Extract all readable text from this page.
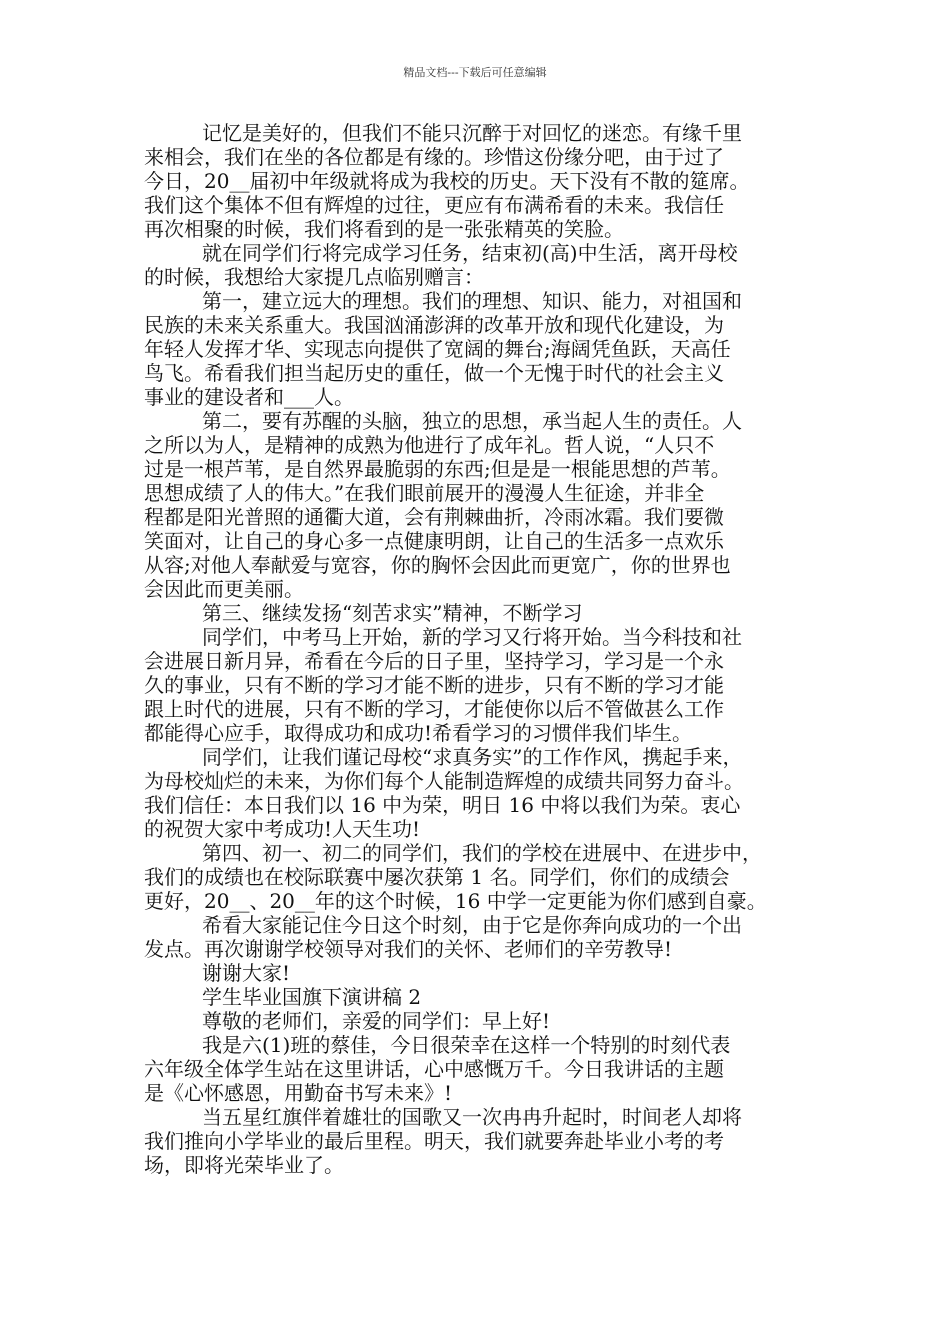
精品文档---下载后可任意编辑
记忆是美好的，但我们不能只沉醉于对回忆的迷恋。有缘千里
来相会，我们在坐的各位都是有缘的。珍惜这份缘分吧，由于过了
今日，20__届初中年级就将成为我校的历史。天下没有不散的筵席。
我们这个集体不但有辉煌的过往，更应有布满希看的未来。我信任
再次相聚的时候，我们将看到的是一张张精英的笑脸。
就在同学们行将完成学习任务，结束初(高)中生活，离开母校
的时候，我想给大家提几点临别赠言：
第一，建立远大的理想。我们的理想、知识、能力，对祖国和
民族的未来关系重大。我国汹涌澎湃的改革开放和现代化建设，为
年轻人发挥才华、实现志向提供了宽阔的舞台;海阔凭鱼跃，天高任
鸟飞。希看我们担当起历史的重任，做一个无愧于时代的社会主义
事业的建设者和___人。
第二，要有苏醒的头脑，独立的思想，承当起人生的责任。人
之所以为人，是精神的成熟为他进行了成年礼。哲人说，“人只不
过是一根芦苇，是自然界最脆弱的东西;但是是一根能思想的芦苇。
思想成绩了人的伟大。”在我们眼前展开的漫漫人生征途，并非全
程都是阳光普照的通衢大道，会有荆棘曲折，冷雨冰霜。我们要微
笑面对，让自己的身心多一点健康明朗，让自己的生活多一点欢乐
从容;对他人奉献爱与宽容，你的胸怀会因此而更宽广，你的世界也
会因此而更美丽。
第三、继续发扬“刻苦求实”精神，不断学习
同学们，中考马上开始，新的学习又行将开始。当今科技和社
会进展日新月异，希看在今后的日子里，坚持学习，学习是一个永
久的事业，只有不断的学习才能不断的进步，只有不断的学习才能
跟上时代的进展，只有不断的学习，才能使你以后不管做甚么工作
都能得心应手，取得成功和成功!希看学习的习惯伴我们毕生。
同学们，让我们谨记母校“求真务实”的工作作风，携起手来，
为母校灿烂的未来，为你们每个人能制造辉煌的成绩共同努力奋斗。
我们信任：本日我们以 16 中为荣，明日 16 中将以我们为荣。衷心
的祝贺大家中考成功!人天生功!
第四、初一、初二的同学们，我们的学校在进展中、在进步中，
我们的成绩也在校际联赛中屡次获第 1 名。同学们，你们的成绩会
更好，20__、20__年的这个时候，16 中学一定更能为你们感到自豪。
希看大家能记住今日这个时刻，由于它是你奔向成功的一个出
发点。再次谢谢学校领导对我们的关怀、老师们的辛劳教导!
谢谢大家!
学生毕业国旗下演讲稿 2
尊敬的老师们，亲爱的同学们：早上好!
我是六(1)班的蔡佳，今日很荣幸在这样一个特别的时刻代表
六年级全体学生站在这里讲话，心中感慨万千。今日我讲话的主题
是《心怀感恩，用勤奋书写未来》!
当五星红旗伴着雄壮的国歌又一次冉冉升起时，时间老人却将
我们推向小学毕业的最后里程。明天，我们就要奔赴毕业小考的考
场，即将光荣毕业了。
